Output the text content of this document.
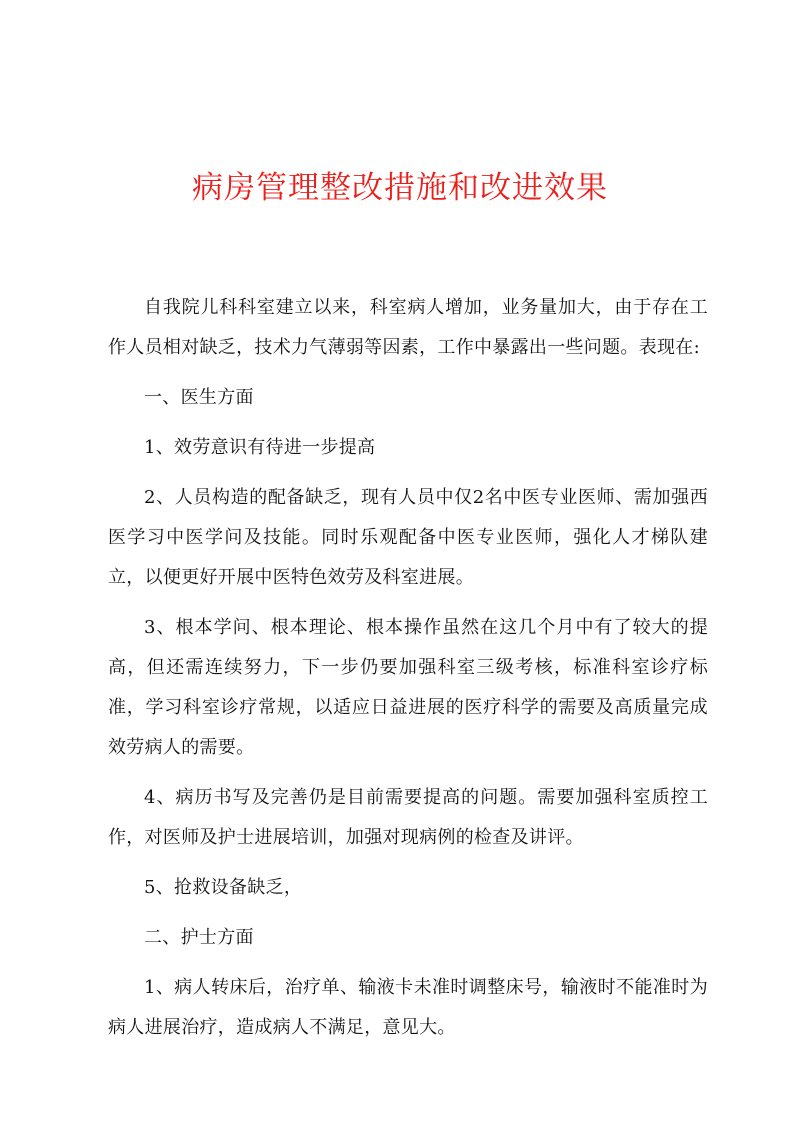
病房管理整改措施和改进效果

自我院儿科科室建立以来，科室病人增加，业务量加大，由于存在工作人员相对缺乏，技术力气薄弱等因素，工作中暴露出一些问题。表现在:

一、医生方面

1、效劳意识有待进一步提高

2、人员构造的配备缺乏，现有人员中仅2名中医专业医师、需加强西医学习中医学问及技能。同时乐观配备中医专业医师，强化人才梯队建立，以便更好开展中医特色效劳及科室进展。

3、根本学问、根本理论、根本操作虽然在这几个月中有了较大的提高，但还需连续努力，下一步仍要加强科室三级考核，标准科室诊疗标准，学习科室诊疗常规，以适应日益进展的医疗科学的需要及高质量完成效劳病人的需要。

4、病历书写及完善仍是目前需要提高的问题。需要加强科室质控工作，对医师及护士进展培训，加强对现病例的检查及讲评。

5、抢救设备缺乏，

二、护士方面

1、病人转床后，治疗单、输液卡未准时调整床号，输液时不能准时为病人进展治疗，造成病人不满足，意见大。
